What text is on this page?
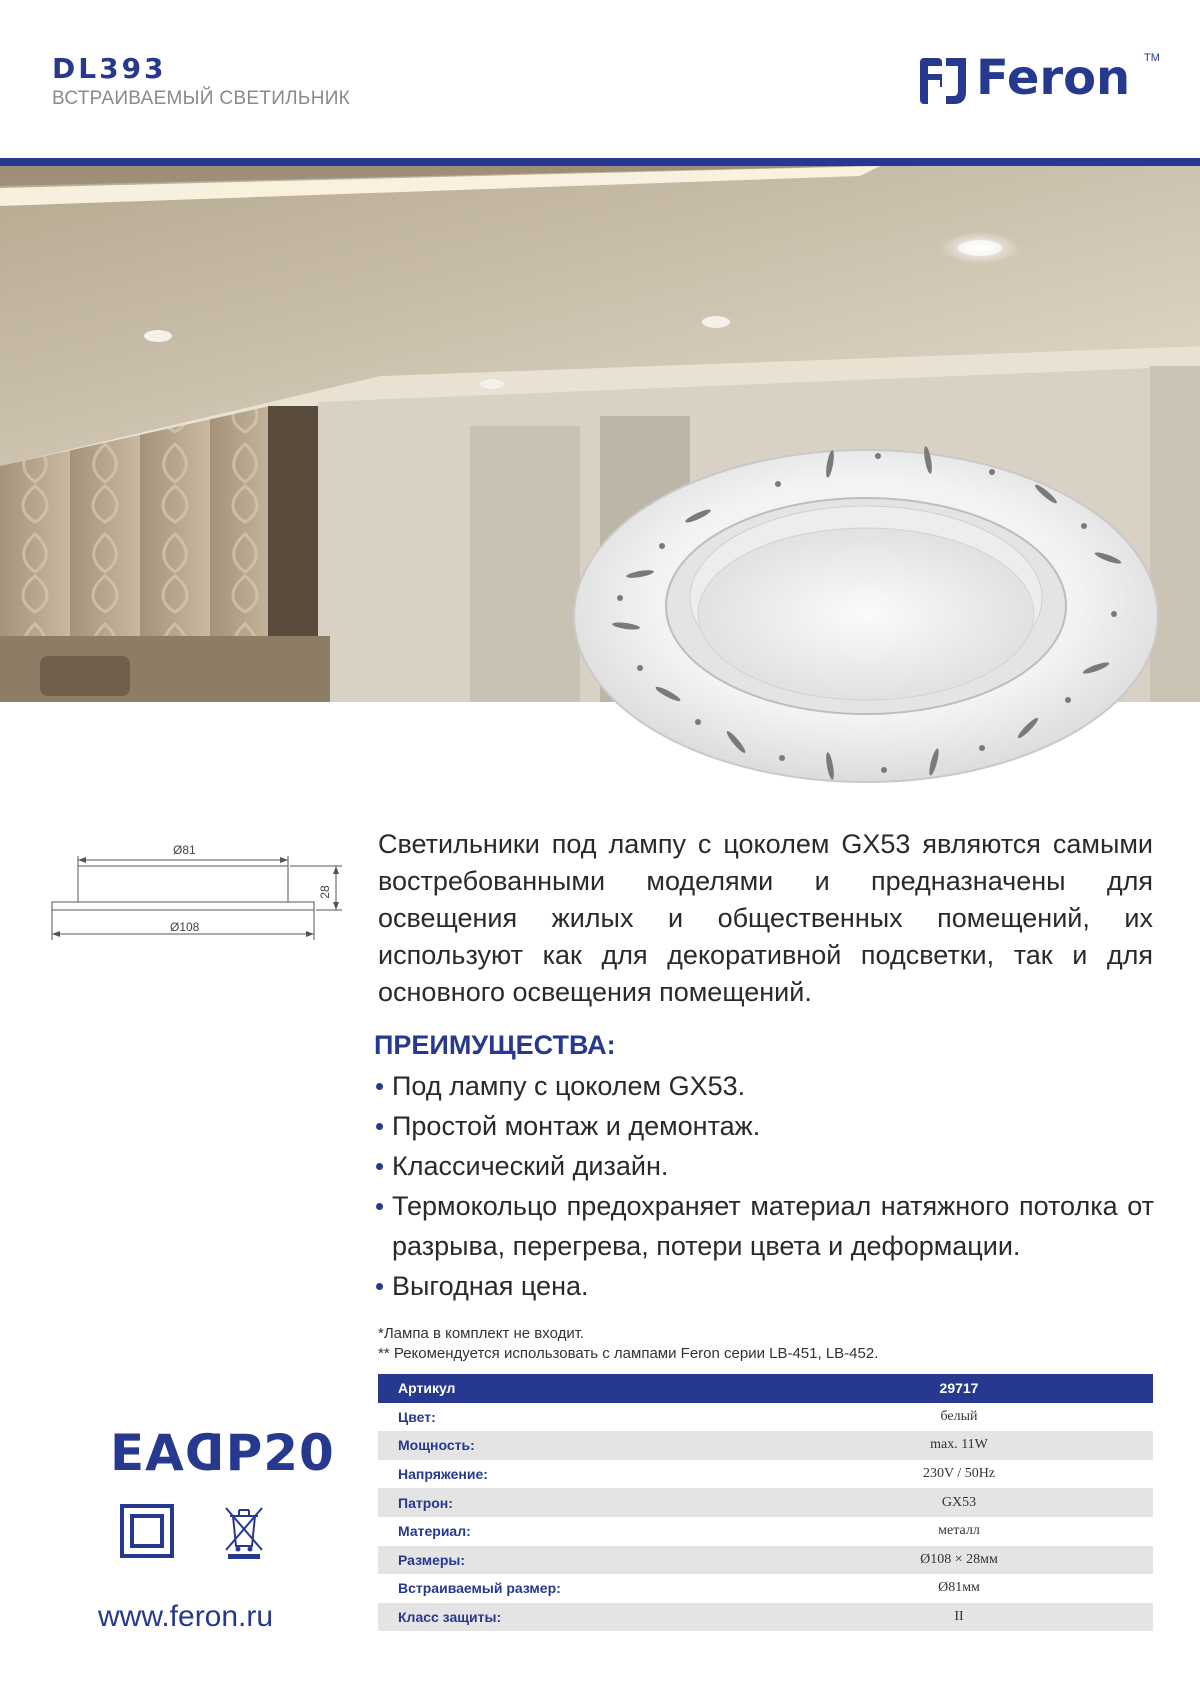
DL393
ВСТРАИВАЕМЫЙ СВЕТИЛЬНИК	Feron TM
Ø81
Ø108
28

Светильники под лампу с цоколем GX53 являются самыми востребованными моделями и предназначены для освещения жилых и общественных помещений, их используют как для декоративной подсветки, так и для основного освещения помещений.

ПРЕИМУЩЕСТВА:
Под лампу с цоколем GX53.
Простой монтаж и демонтаж.
Классический дизайн.
Термокольцо предохраняет материал натяжного потолка от разрыва, перегрева, потери цвета и деформации.
Выгодная цена.
*Лампа в комплект не входит.
** Рекомендуется использовать с лампами Feron серии LB-451, LB-452.
Артикул	29717
Цвет:	белый
Мощность:	max. 11W
Напряжение:	230V / 50Hz
Патрон:	GX53
Материал:	металл
Размеры:	Ø108 × 28мм
Встраиваемый размер:	Ø81мм
Класс защиты:	II
EAC
IP20
www.feron.ru
